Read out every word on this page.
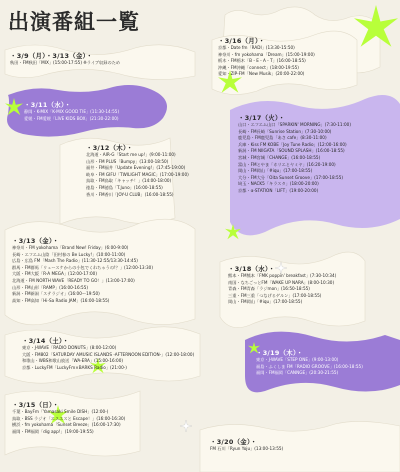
出演番組一覧
・3/9（月）・3/13（金）・
秋田・FM秋田「MIX」(15:00-17:55) ※ライブ収録のため
・3/11（水）・
静岡・K-MIX「K-MIX GOOD TIE」(11:30-14:55)
愛媛・FM愛媛「LIVE KIDS BOX」(21:30-22:00)
・3/12（木）・
北海道・AIR-G「Start me up!」(9:00-11:00)
山形・FM PLUS「Bumpy」(13:00-18:50)
福井・FM福井「Update Evening!」(17:45-19:00)
岐阜・FM GIFU「TWILIGHT MAGIC」(17:00-19:00)
鳥取・FM鳥取「キャッチ！」(14:00-18:00)
徳島・FM徳島「T.Juno」(16:00-18:55)
香川・FM香川「JOY-U CLUB」(16:00-18:55)
・3/13（金）・
神奈川・FM yokohama「Brand New! Friday」(6:00-9:00)
長崎・エフエム山陰「田村春の Be Lucky!」(10:00-11:00)
広島・広島 FM「Mash The Radio」(11:30-12:55/13:30-14:45)
群馬・FM群馬「リュースケからの小包でくれちゃうの!？」(12:00-13:30)
大阪・FM大阪「R-A MEGA」(12:00-17:00)
北海道・FM NORTH WAVE「READY TO GO！」(13:00-17:00)
山形・FM山形「RAMP」(16:00-16:55)
新潟・FM新潟「ステラジオ」(16:00〜19:50)
高知・FM高知「Hi-Sa Radio JAM」(16:00-18:55)
・3/14（土）・
東京・J-WAVE「RADIO DONUTS」(8:00-12:00)
大阪・FM802「SATURDAY AMUSIC ISLANDS -AFTERNOON EDITION-」(12:00-18:00)
和歌山・WBS和歌山放送「WA-ERA」(15:00-16:00)
京都・LuckyFM「LuckyFm×BARKS Radio」(21:00-)
・3/15（日）・
千葉・BayFm「Yamasaki Smile DISH」(12:00-)
鳥取・BSS ラジオ「エスエスと Escape！」(16:00-16:30)
横浜・fm yokohama「Sunset Breeze」(16:00-17:30)
福岡・FM福岡「dig app!」(19:00-19:55)
・3/16（月）・
京都・Date fm「RADI」(13:30-15:50)
神奈川・fm yokohama「Dream」(15:00-19:00)
栃木・FM栃木「B・E・A・T」(16:00-18:55)
沖縄・FM沖縄「connect」(18:00-19:55)
愛知・ZIP-FM「New Musik」(20:00-22:00)
・3/17（火）・
山口・エフエム山口「SPARKIN' MORNING」(7:30-11:00)
長崎・FM長崎「Sunrise Station」(7:30-10:00)
鹿児島・FM鹿児島「あさ cafe」(8:30-11:00)
兵庫・Kiss FM KOBE「Joy Tune Radio」(12:00-16:00)
新潟・FM NIIGATA「SOUND SPLASH」(16:00-18:55)
宮城・FM宮城「CHANGE」(16:00-18:55)
富山・FMとやま「ホリエとヤミヤ」(16:20-19:00)
岡山・FM岡山「#iqu」(17:00-18:55)
大分・FM大分「Oita Sunset Groove」(17:00-18:55)
埼玉・NACK5「キラスタ」(18:00-20:00)
京都・α-STATION「LIFT」(19:00-20:00)
・3/18（水）・
熊本・FM熊本「FMK poppin' breakfast」(7:30-10:34)
南国・なちごっとFM「WAKE UP NARA」(8:00-10:30)
青森・FM青森「ラジmon」(16:50-18:55)
三重・FM三重「つなげるゲルン」(17:00-18:55)
岡山・FM岡山「#iqu」(17:00-18:55)
・3/19（木）・
東京・J-WAVE「STEP ONE」(9:00-13:00)
福島・ふくしま FM「RADIO GROOVE」(16:00-18:55)
福岡・FM福岡「CANNGE」(20:30-21:55)
・3/20（金）・
FM 石川「Ryun Yoju」(13:00-13:55)
